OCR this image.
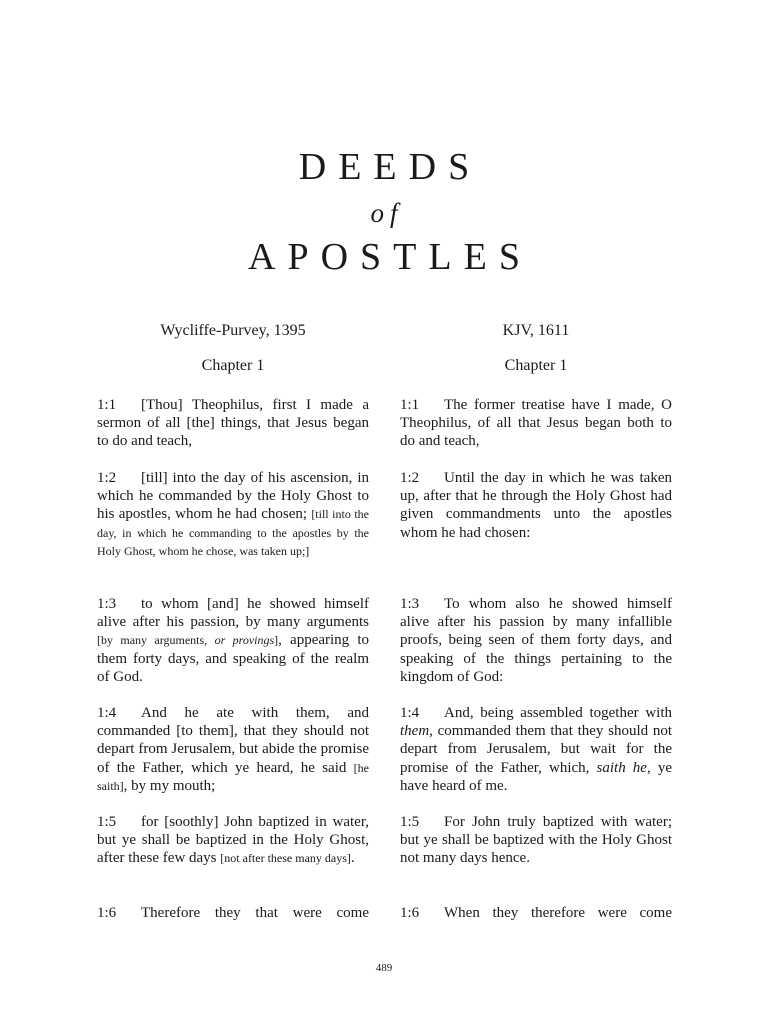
DEEDS
of
APOSTLES
Wycliffe-Purvey, 1395
Chapter 1

1:1 [Thou] Theophilus, first I made a sermon of all [the] things, that Jesus began to do and teach,

1:2 [till] into the day of his ascension, in which he commanded by the Holy Ghost to his apostles, whom he had chosen; [till into the day, in which he commanding to the apostles by the Holy Ghost, whom he chose, was taken up;]

1:3 to whom [and] he showed himself alive after his passion, by many arguments [by many arguments, or provings], appearing to them forty days, and speaking of the realm of God.

1:4 And he ate with them, and commanded [to them], that they should not depart from Jerusalem, but abide the promise of the Father, which ye heard, he said [he saith], by my mouth;

1:5 for [soothly] John baptized in water, but ye shall be baptized in the Holy Ghost, after these few days [not after these many days].

1:6 Therefore they that were come

KJV, 1611
Chapter 1

1:1 The former treatise have I made, O Theophilus, of all that Jesus began both to do and teach,

1:2 Until the day in which he was taken up, after that he through the Holy Ghost had given commandments unto the apostles whom he had chosen:

1:3 To whom also he showed himself alive after his passion by many infallible proofs, being seen of them forty days, and speaking of the things pertaining to the kingdom of God:

1:4 And, being assembled together with them, commanded them that they should not depart from Jerusalem, but wait for the promise of the Father, which, saith he, ye have heard of me.

1:5 For John truly baptized with water; but ye shall be baptized with the Holy Ghost not many days hence.

1:6 When they therefore were come

489
